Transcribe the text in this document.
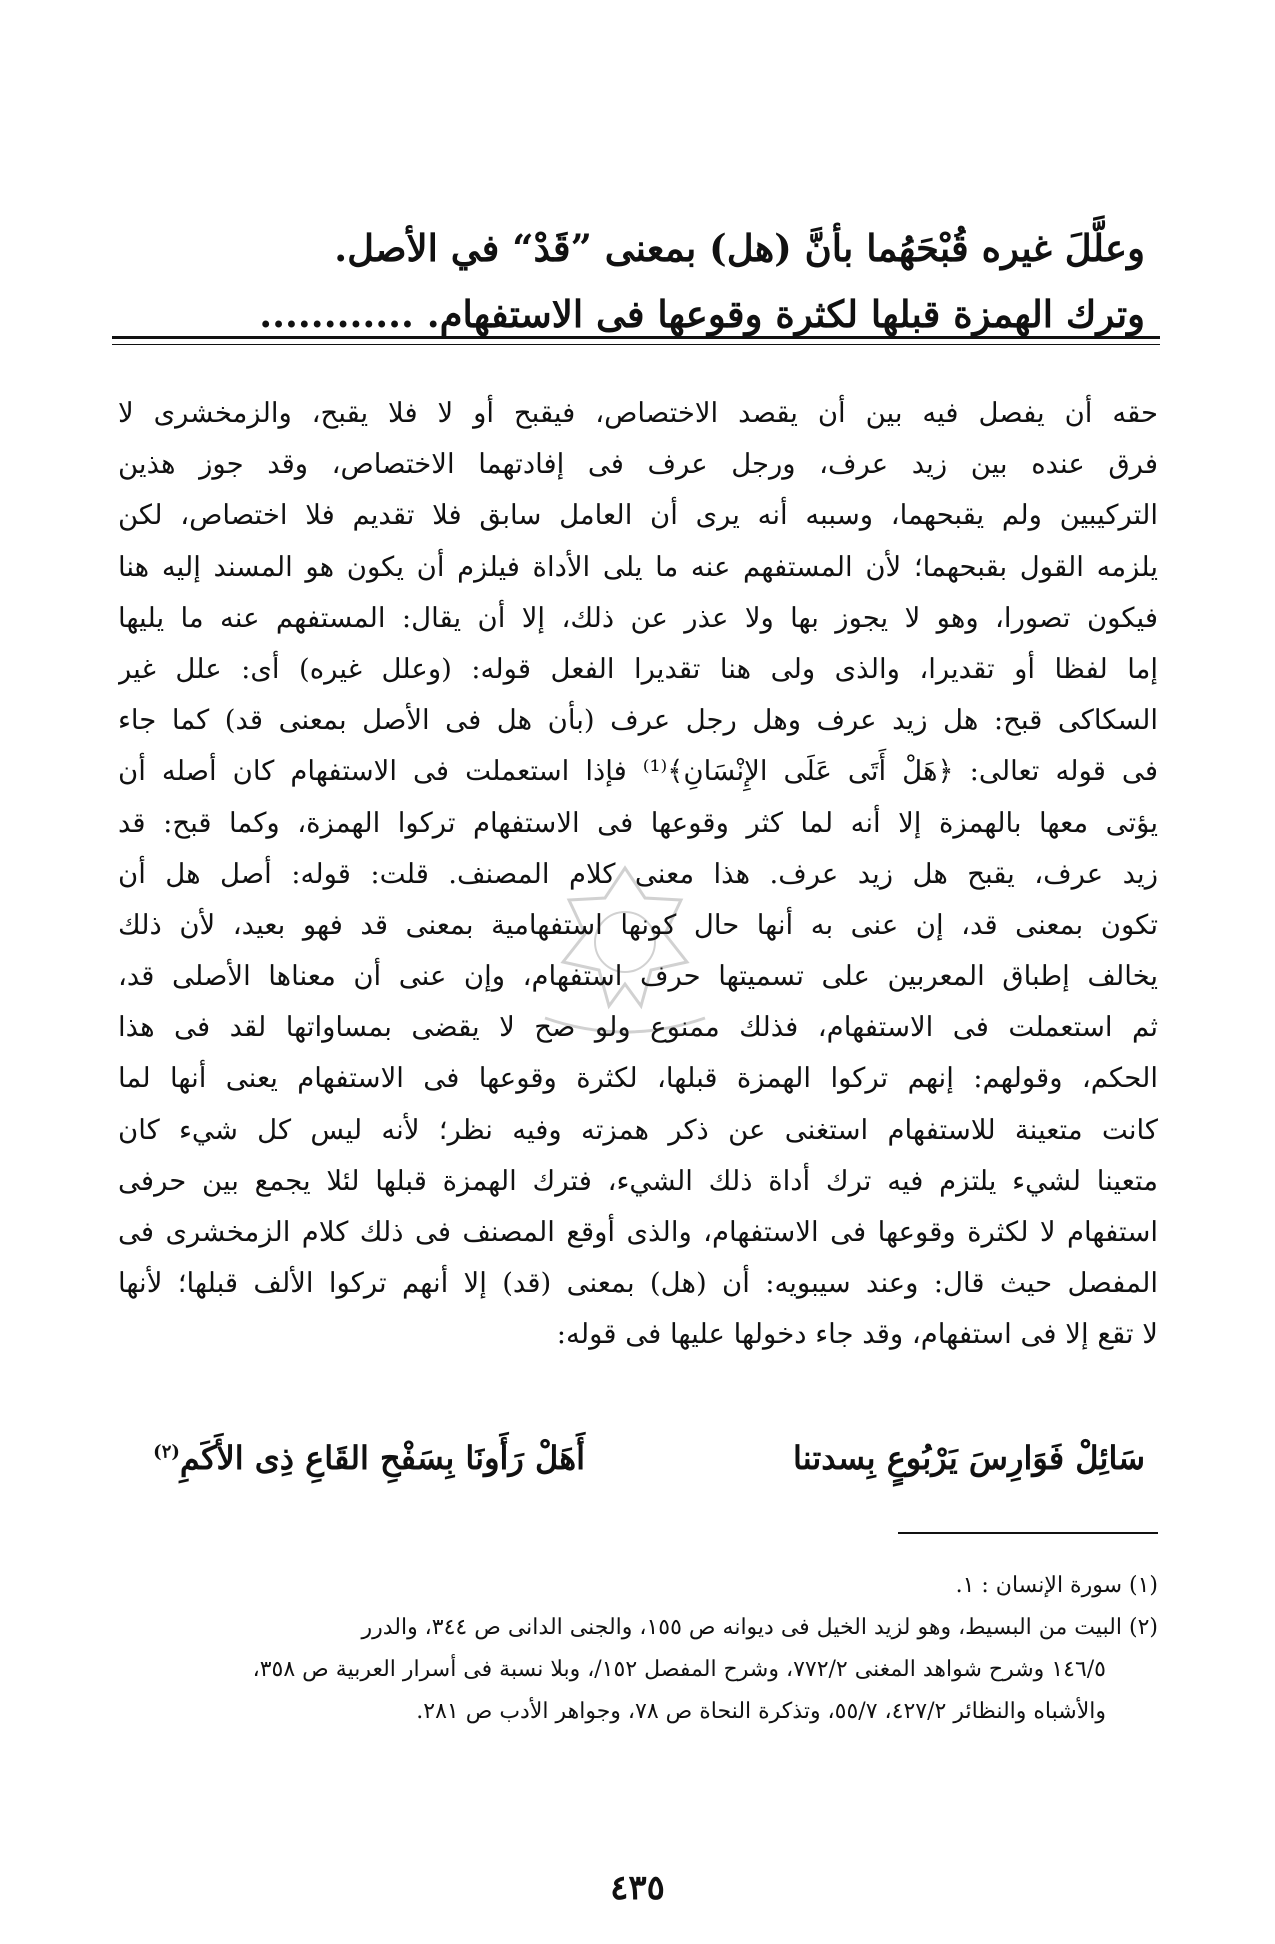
وعلَّلَ غيره قُبْحَهُما بأنَّ (هل) بمعنى ”قَدْ“ في الأصل.
وترك الهمزة قبلها لكثرة وقوعها فى الاستفهام. ............
حقه أن يفصل فيه بين أن يقصد الاختصاص، فيقبح أو لا فلا يقبح، والزمخشرى لا
فرق عنده بين زيد عرف، ورجل عرف فى إفادتهما الاختصاص، وقد جوز هذين
التركيبين ولم يقبحهما، وسببه أنه يرى أن العامل سابق فلا تقديم فلا اختصاص، لكن
يلزمه القول بقبحهما؛ لأن المستفهم عنه ما يلى الأداة فيلزم أن يكون هو المسند إليه هنا
فيكون تصورا، وهو لا يجوز بها ولا عذر عن ذلك، إلا أن يقال: المستفهم عنه ما يليها
إما لفظا أو تقديرا، والذى ولى هنا تقديرا الفعل قوله: (وعلل غيره) أى: علل غير
السكاكى قبح: هل زيد عرف وهل رجل عرف (بأن هل فى الأصل بمعنى قد) كما جاء
فى قوله تعالى: ﴿هَلْ أَتَى عَلَى الإِنْسَانِ﴾⁽¹⁾ فإذا استعملت فى الاستفهام كان أصله أن
يؤتى معها بالهمزة إلا أنه لما كثر وقوعها فى الاستفهام تركوا الهمزة، وكما قبح: قد
زيد عرف، يقبح هل زيد عرف. هذا معنى كلام المصنف. قلت: قوله: أصل هل أن
تكون بمعنى قد، إن عنى به أنها حال كونها استفهامية بمعنى قد فهو بعيد، لأن ذلك
يخالف إطباق المعربين على تسميتها حرف استفهام، وإن عنى أن معناها الأصلى قد،
ثم استعملت فى الاستفهام، فذلك ممنوع ولو صح لا يقضى بمساواتها لقد فى هذا
الحكم، وقولهم: إنهم تركوا الهمزة قبلها، لكثرة وقوعها فى الاستفهام يعنى أنها لما
كانت متعينة للاستفهام استغنى عن ذكر همزته وفيه نظر؛ لأنه ليس كل شيء كان
متعينا لشيء يلتزم فيه ترك أداة ذلك الشيء، فترك الهمزة قبلها لئلا يجمع بين حرفى
استفهام لا لكثرة وقوعها فى الاستفهام، والذى أوقع المصنف فى ذلك كلام الزمخشرى فى
المفصل حيث قال: وعند سيبويه: أن (هل) بمعنى (قد) إلا أنهم تركوا الألف قبلها؛ لأنها
لا تقع إلا فى استفهام، وقد جاء دخولها عليها فى قوله:
سَائِلْ فَوَارِسَ يَرْبُوعٍ بِسدتنا
أَهَلْ رَأَونَا بِسَفْحِ القَاعِ ذِى الأَكَمِ$^{(٢)}$
(١) سورة الإنسان : ١.
(٢) البيت من البسيط، وهو لزيد الخيل فى ديوانه ص ١٥٥، والجنى الدانى ص ٣٤٤، والدرر
١٤٦/٥ وشرح شواهد المغنى ٧٧٢/٢، وشرح المفصل ١٥٢/، وبلا نسبة فى أسرار العربية ص ٣٥٨،
والأشباه والنظائر ٤٢٧/٢، ٥٥/٧، وتذكرة النحاة ص ٧٨، وجواهر الأدب ص ٢٨١.
٤٣٥
